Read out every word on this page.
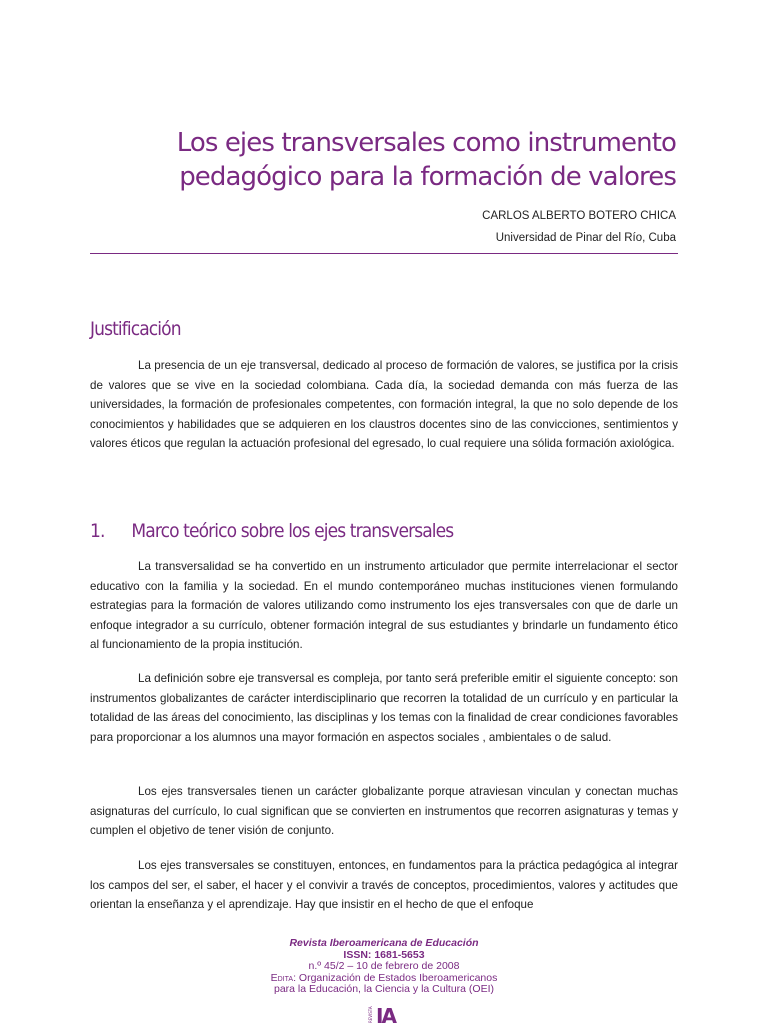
Los ejes transversales como instrumento
pedagógico para la formación de valores
CARLOS ALBERTO BOTERO CHICA
Universidad de Pinar del Río, Cuba
Justificación

La presencia de un eje transversal, dedicado al proceso de formación de valores, se justifica por la crisis de valores que se vive en la sociedad colombiana. Cada día, la sociedad demanda con más fuerza de las universidades, la formación de profesionales competentes, con formación integral, la que no solo depende de los conocimientos y habilidades que se adquieren en los claustros docentes sino de las convicciones, sentimientos y valores éticos que regulan la actuación profesional del egresado, lo cual requiere una sólida formación axiológica.

1. Marco teórico sobre los ejes transversales

La transversalidad se ha convertido en un instrumento articulador que permite interrelacionar el sector educativo con la familia y la sociedad. En el mundo contemporáneo muchas instituciones vienen formulando estrategias para la formación de valores utilizando como instrumento los ejes transversales con que de darle un enfoque integrador a su currículo, obtener formación integral de sus estudiantes y brindarle un fundamento ético al funcionamiento de la propia institución.

La definición sobre eje transversal es compleja, por tanto será preferible emitir el siguiente concepto: son instrumentos globalizantes de carácter interdisciplinario que recorren la totalidad de un currículo y en particular la totalidad de las áreas del conocimiento, las disciplinas y los temas con la finalidad de crear condiciones favorables para proporcionar a los alumnos una mayor formación en aspectos sociales , ambientales o de salud.

Los ejes transversales tienen un carácter globalizante porque atraviesan vinculan y conectan muchas asignaturas del currículo, lo cual significan que se convierten en instrumentos que recorren asignaturas y temas y cumplen el objetivo de tener visión de conjunto.

Los ejes transversales se constituyen, entonces, en fundamentos para la práctica pedagógica al integrar los campos del ser, el saber, el hacer y el convivir a través de conceptos, procedimientos, valores y actitudes que orientan la enseñanza y el aprendizaje. Hay que insistir en el hecho de que el enfoque

Revista Iberoamericana de Educación
ISSN: 1681-5653
n.º 45/2 – 10 de febrero de 2008
Edita: Organización de Estados Iberoamericanos
para la Educación, la Ciencia y la Cultura (OEI)
REVISTA IA
